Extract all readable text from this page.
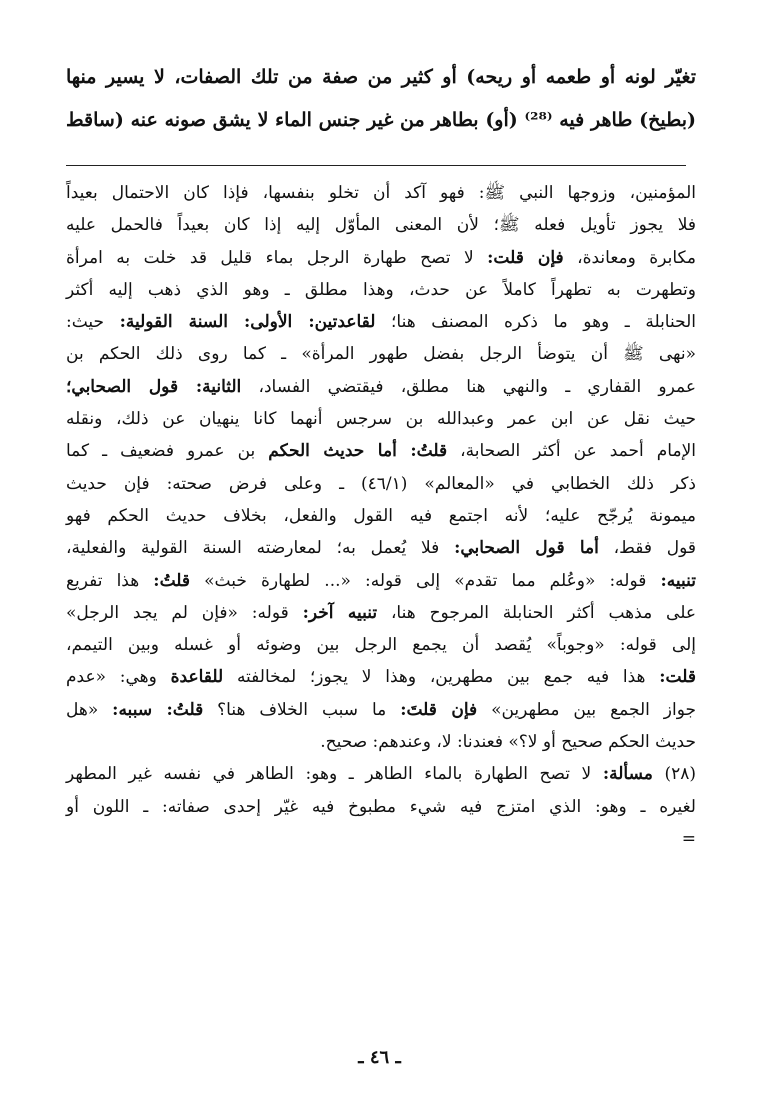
تغيّر لونه أو طعمه أو ريحه) أو كثير من صفة من تلك الصفات، لا يسير منها

(بطيخ) طاهر فيه ⁽²⁸⁾ (أو) بطاهر من غير جنس الماء لا يشق صونه عنه (ساقط

المؤمنين، وزوجها النبي ﷺ: فهو آكد أن تخلو بنفسها، فإذا كان الاحتمال بعيداً

فلا يجوز تأويل فعله ﷺ؛ لأن المعنى المأوّل إليه إذا كان بعيداً فالحمل عليه

مكابرة ومعاندة، فإن قلت: لا تصح طهارة الرجل بماء قليل قد خلت به امرأة

وتطهرت به تطهراً كاملاً عن حدث، وهذا مطلق ـ وهو الذي ذهب إليه أكثر

الحنابلة ـ وهو ما ذكره المصنف هنا؛ لقاعدتين: الأولى: السنة القولية: حيث:

«نهى ﷺ أن يتوضأ الرجل بفضل طهور المرأة» ـ كما روى ذلك الحكم بن

عمرو القفاري ـ والنهي هنا مطلق، فيقتضي الفساد، الثانية: قول الصحابي؛

حيث نقل عن ابن عمر وعبدالله بن سرجس أنهما كانا ينهيان عن ذلك، ونقله

الإمام أحمد عن أكثر الصحابة، قلتُ: أما حديث الحكم بن عمرو فضعيف ـ كما

ذكر ذلك الخطابي في «المعالم» (٤٦/١) ـ وعلى فرض صحته: فإن حديث

ميمونة يُرجّح عليه؛ لأنه اجتمع فيه القول والفعل، بخلاف حديث الحكم فهو

قول فقط، أما قول الصحابي: فلا يُعمل به؛ لمعارضته السنة القولية والفعلية،

تنبيه: قوله: «وعُلم مما تقدم» إلى قوله: «... لطهارة خبث» قلتُ: هذا تفريع

على مذهب أكثر الحنابلة المرجوح هنا، تنبيه آخر: قوله: «فإن لم يجد الرجل»

إلى قوله: «وجوباً» يُقصد أن يجمع الرجل بين وضوئه أو غسله وبين التيمم،

قلت: هذا فيه جمع بين مطهرين، وهذا لا يجوز؛ لمخالفته للقاعدة وهي: «عدم

جواز الجمع بين مطهرين» فإن قلتَ: ما سبب الخلاف هنا؟ قلتُ: سببه: «هل

حديث الحكم صحيح أو لا؟» فعندنا: لا، وعندهم: صحيح.

(٢٨) مسألة: لا تصح الطهارة بالماء الطاهر ـ وهو: الطاهر في نفسه غير المطهر

لغيره ـ وهو: الذي امتزج فيه شيء مطبوخ فيه غيّر إحدى صفاته: ـ اللون أو

=

ـ ٤٦ ـ
